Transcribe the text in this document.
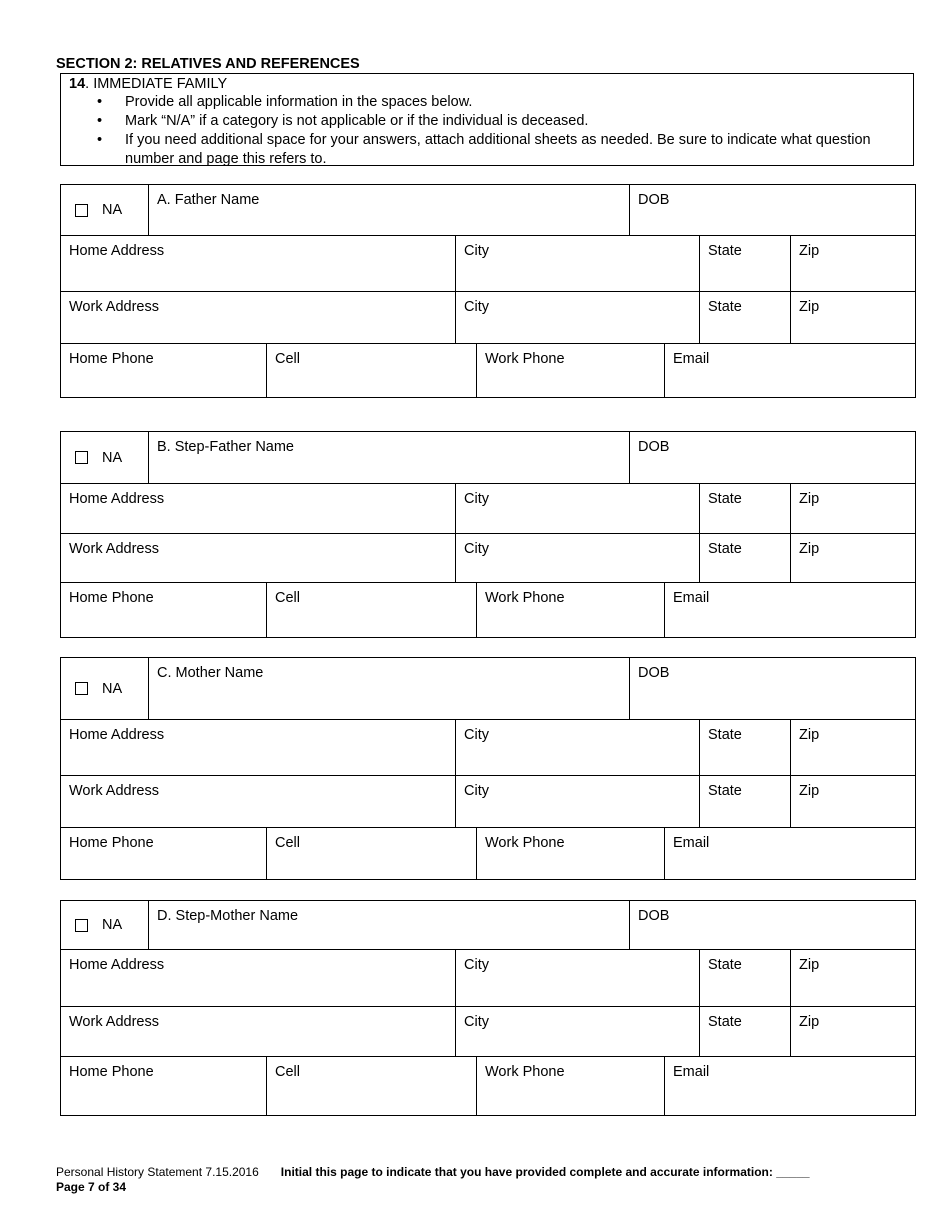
SECTION 2: RELATIVES AND REFERENCES
14. IMMEDIATE FAMILY
• Provide all applicable information in the spaces below.
• Mark “N/A” if a category is not applicable or if the individual is deceased.
• If you need additional space for your answers, attach additional sheets as needed. Be sure to indicate what question number and page this refers to.
NA
A. Father Name	DOB
Home Address	City	State	Zip
Work Address	City	State	Zip
Home Phone	Cell	Work Phone	Email
NA
B. Step-Father Name	DOB
Home Address	City	State	Zip
Work Address	City	State	Zip
Home Phone	Cell	Work Phone	Email
NA
C. Mother Name	DOB
Home Address	City	State	Zip
Work Address	City	State	Zip
Home Phone	Cell	Work Phone	Email
NA
D. Step-Mother Name	DOB
Home Address	City	State	Zip
Work Address	City	State	Zip
Home Phone	Cell	Work Phone	Email
Personal History Statement 7.15.2016 Initial this page to indicate that you have provided complete and accurate information: _____
Page 7 of 34
